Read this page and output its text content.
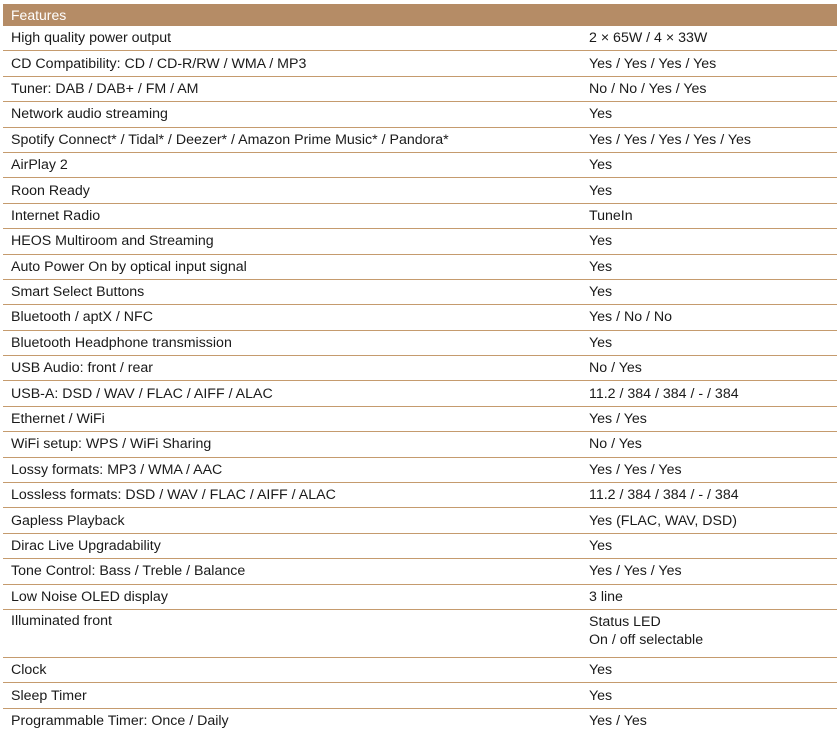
Features
High quality power output	2 × 65W / 4 × 33W
CD Compatibility: CD / CD-R/RW / WMA / MP3	Yes / Yes / Yes / Yes
Tuner: DAB / DAB+ / FM / AM	No / No / Yes / Yes
Network audio streaming	Yes
Spotify Connect* / Tidal* / Deezer* / Amazon Prime Music* / Pandora*	Yes / Yes / Yes / Yes / Yes
AirPlay 2	Yes
Roon Ready	Yes
Internet Radio	TuneIn
HEOS Multiroom and Streaming	Yes
Auto Power On by optical input signal	Yes
Smart Select Buttons	Yes
Bluetooth / aptX / NFC	Yes / No / No
Bluetooth Headphone transmission	Yes
USB Audio: front / rear	No / Yes
USB-A: DSD / WAV / FLAC / AIFF / ALAC	11.2 / 384 / 384 / - / 384
Ethernet / WiFi	Yes / Yes
WiFi setup: WPS / WiFi Sharing	No / Yes
Lossy formats: MP3 / WMA / AAC	Yes / Yes / Yes
Lossless formats: DSD / WAV / FLAC / AIFF / ALAC	11.2 / 384 / 384 / - / 384
Gapless Playback	Yes (FLAC, WAV, DSD)
Dirac Live Upgradability	Yes
Tone Control: Bass / Treble / Balance	Yes / Yes / Yes
Low Noise OLED display	3 line
Illuminated front	Status LED
On / off selectable
Clock	Yes
Sleep Timer	Yes
Programmable Timer: Once / Daily	Yes / Yes
